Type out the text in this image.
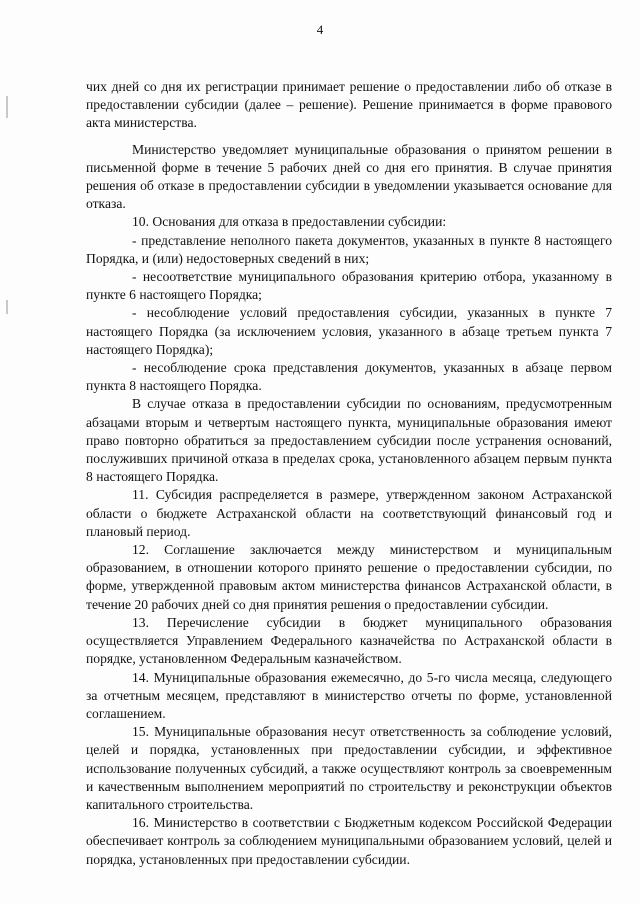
4

чих дней со дня их регистрации принимает решение о предоставлении либо об отказе в предоставлении субсидии (далее – решение). Решение принимается в форме правового акта министерства.

Министерство уведомляет муниципальные образования о принятом решении в письменной форме в течение 5 рабочих дней со дня его принятия. В случае принятия решения об отказе в предоставлении субсидии в уведомлении указывается основание для отказа.

10. Основания для отказа в предоставлении субсидии:

- представление неполного пакета документов, указанных в пункте 8 настоящего Порядка, и (или) недостоверных сведений в них;

- несоответствие муниципального образования критерию отбора, указанному в пункте 6 настоящего Порядка;

- несоблюдение условий предоставления субсидии, указанных в пункте 7 настоящего Порядка (за исключением условия, указанного в абзаце третьем пункта 7 настоящего Порядка);

- несоблюдение срока представления документов, указанных в абзаце первом пункта 8 настоящего Порядка.

В случае отказа в предоставлении субсидии по основаниям, предусмотренным абзацами вторым и четвертым настоящего пункта, муниципальные образования имеют право повторно обратиться за предоставлением субсидии после устранения оснований, послуживших причиной отказа в пределах срока, установленного абзацем первым пункта 8 настоящего Порядка.

11. Субсидия распределяется в размере, утвержденном законом Астраханской области о бюджете Астраханской области на соответствующий финансовый год и плановый период.

12. Соглашение заключается между министерством и муниципальным образованием, в отношении которого принято решение о предоставлении субсидии, по форме, утвержденной правовым актом министерства финансов Астраханской области, в течение 20 рабочих дней со дня принятия решения о предоставлении субсидии.

13. Перечисление субсидии в бюджет муниципального образования осуществляется Управлением Федерального казначейства по Астраханской области в порядке, установленном Федеральным казначейством.

14. Муниципальные образования ежемесячно, до 5-го числа месяца, следующего за отчетным месяцем, представляют в министерство отчеты по форме, установленной соглашением.

15. Муниципальные образования несут ответственность за соблюдение условий, целей и порядка, установленных при предоставлении субсидии, и эффективное использование полученных субсидий, а также осуществляют контроль за своевременным и качественным выполнением мероприятий по строительству и реконструкции объектов капитального строительства.

16. Министерство в соответствии с Бюджетным кодексом Российской Федерации обеспечивает контроль за соблюдением муниципальными образованием условий, целей и порядка, установленных при предоставлении субсидии.
